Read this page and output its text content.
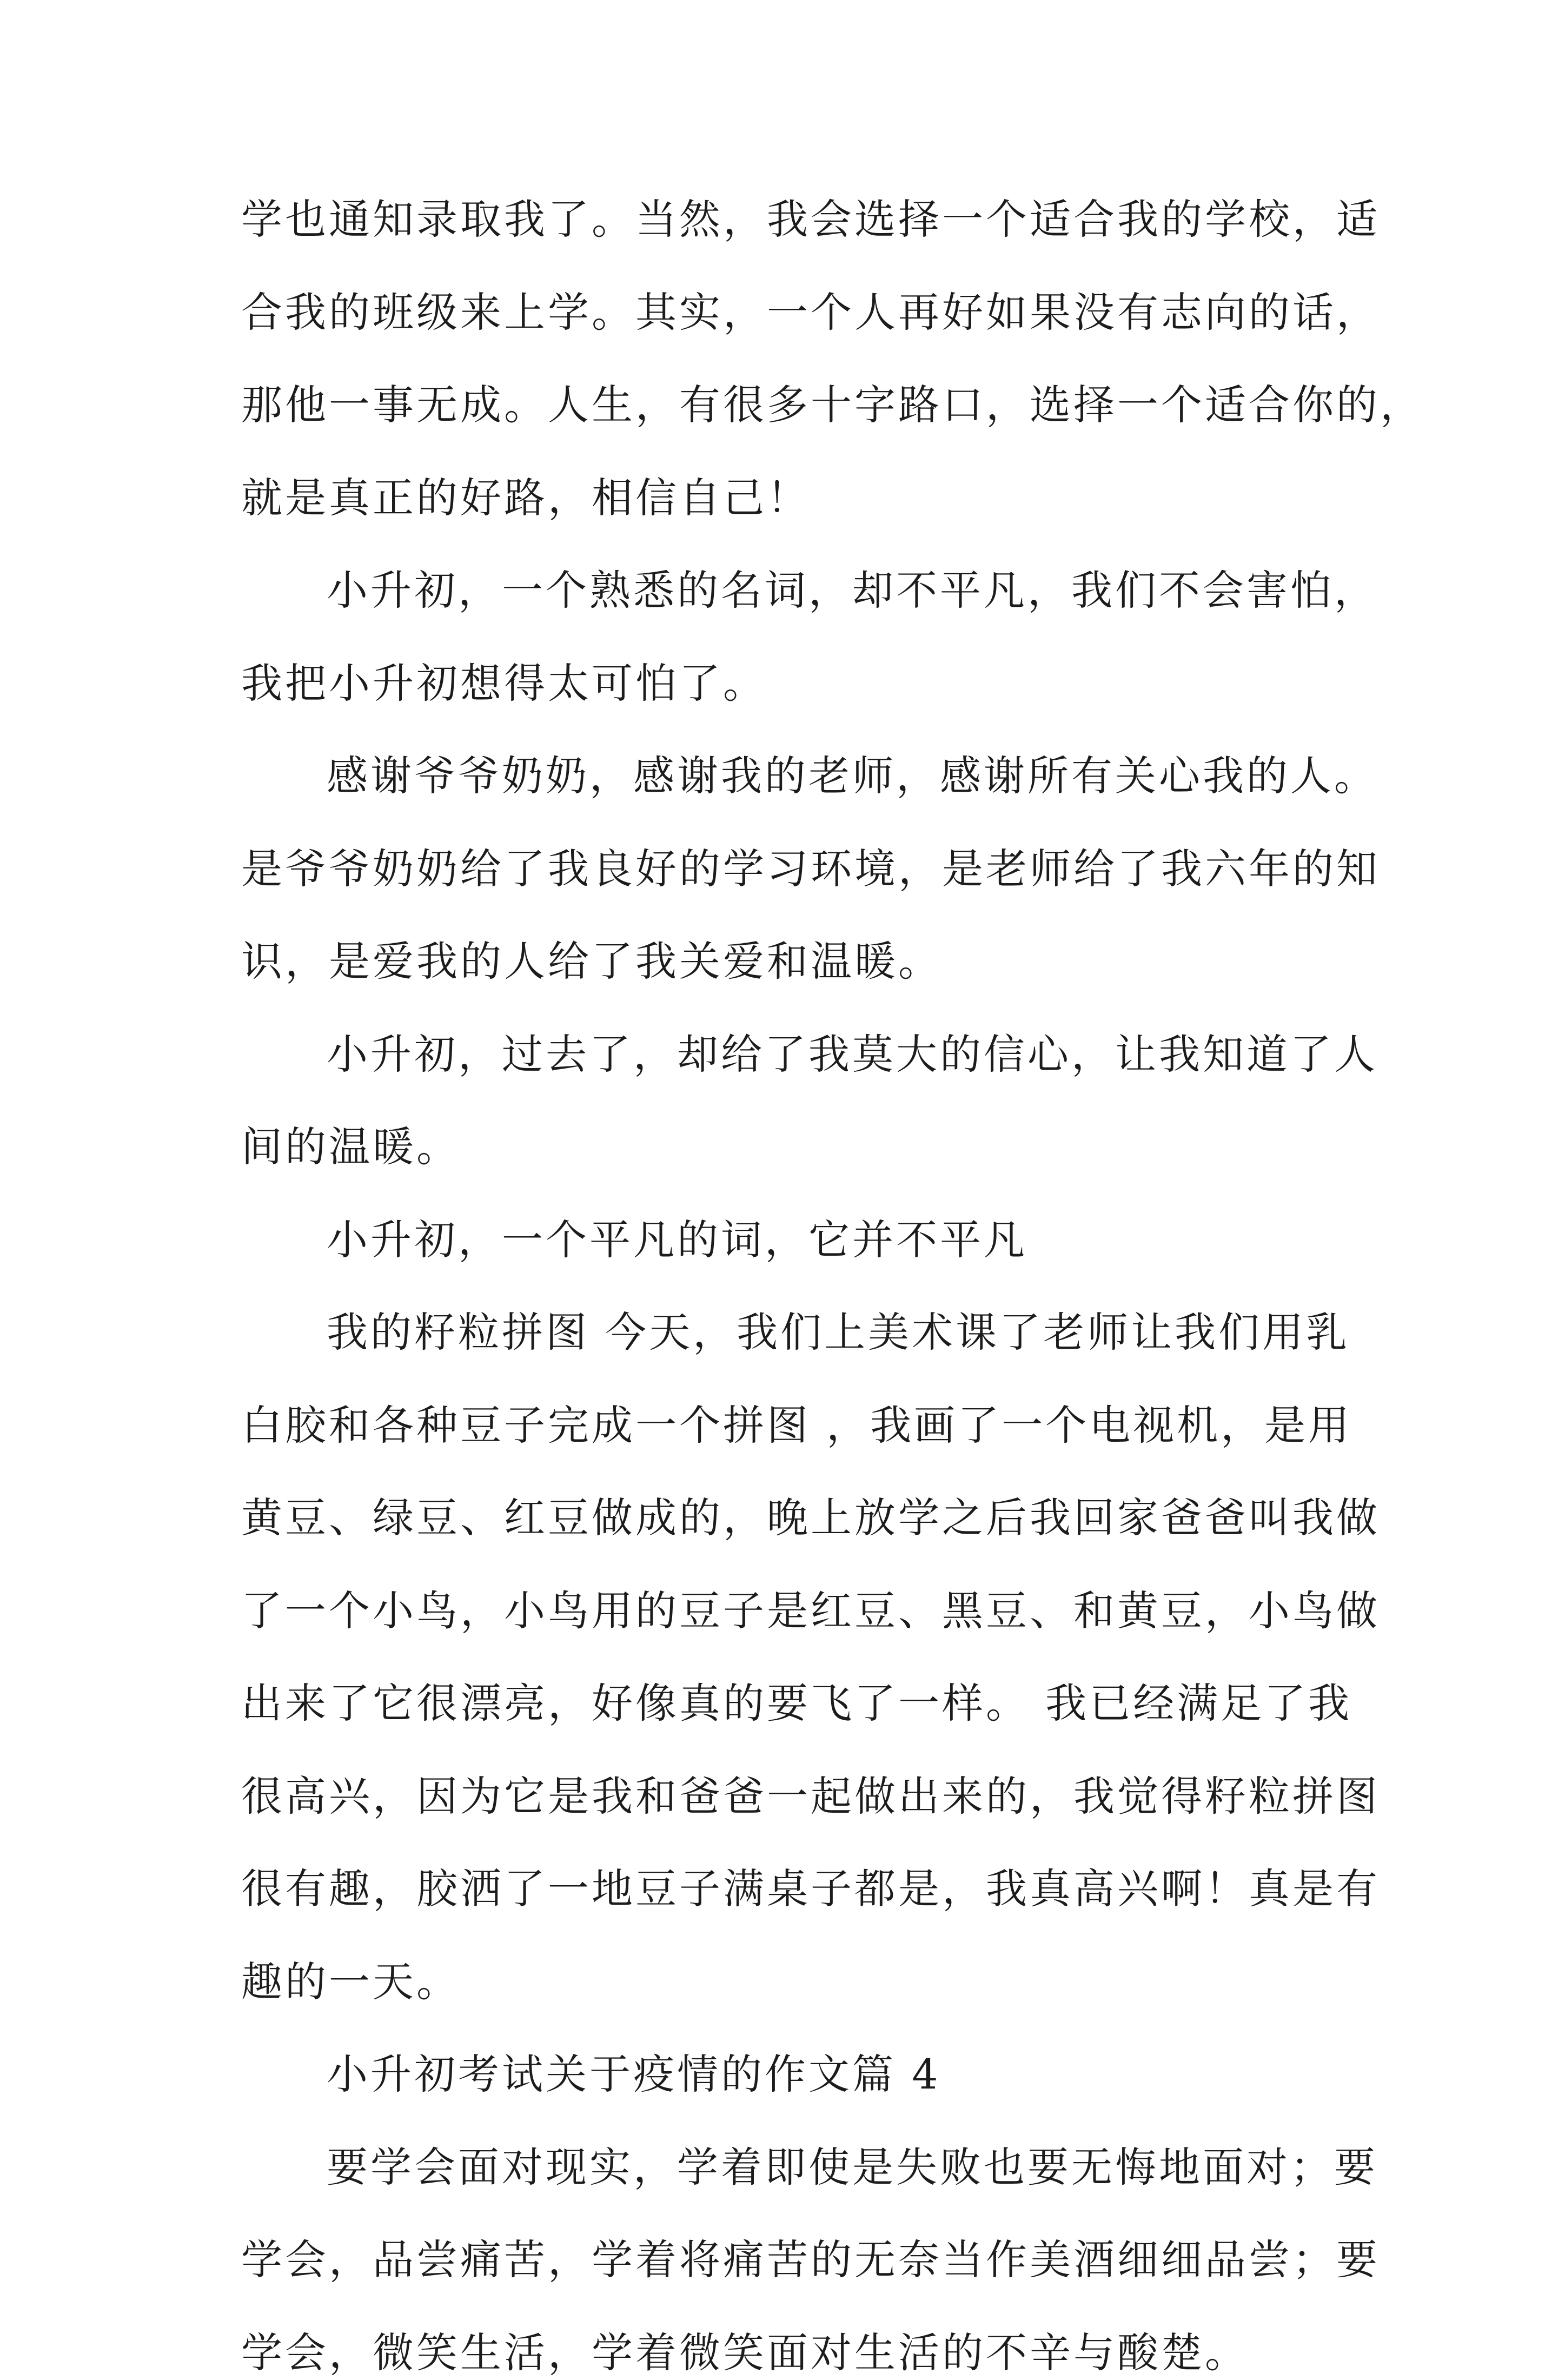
学也通知录取我了。当然，我会选择一个适合我的学校，适

合我的班级来上学。其实，一个人再好如果没有志向的话，

那他一事无成。人生，有很多十字路口，选择一个适合你的，

就是真正的好路，相信自己！

小升初，一个熟悉的名词，却不平凡，我们不会害怕，

我把小升初想得太可怕了。

感谢爷爷奶奶，感谢我的老师，感谢所有关心我的人。

是爷爷奶奶给了我良好的学习环境，是老师给了我六年的知

识，是爱我的人给了我关爱和温暖。

小升初，过去了，却给了我莫大的信心，让我知道了人

间的温暖。

小升初，一个平凡的词，它并不平凡

我的籽粒拼图 今天，我们上美术课了老师让我们用乳

白胶和各种豆子完成一个拼图 ，我画了一个电视机，是用

黄豆、绿豆、红豆做成的，晚上放学之后我回家爸爸叫我做

了一个小鸟，小鸟用的豆子是红豆、黑豆、和黄豆，小鸟做

出来了它很漂亮，好像真的要飞了一样。 我已经满足了我

很高兴，因为它是我和爸爸一起做出来的，我觉得籽粒拼图

很有趣，胶洒了一地豆子满桌子都是，我真高兴啊！真是有

趣的一天。

小升初考试关于疫情的作文篇 4

要学会面对现实，学着即使是失败也要无悔地面对；要

学会，品尝痛苦，学着将痛苦的无奈当作美酒细细品尝；要

学会，微笑生活，学着微笑面对生活的不辛与酸楚。
